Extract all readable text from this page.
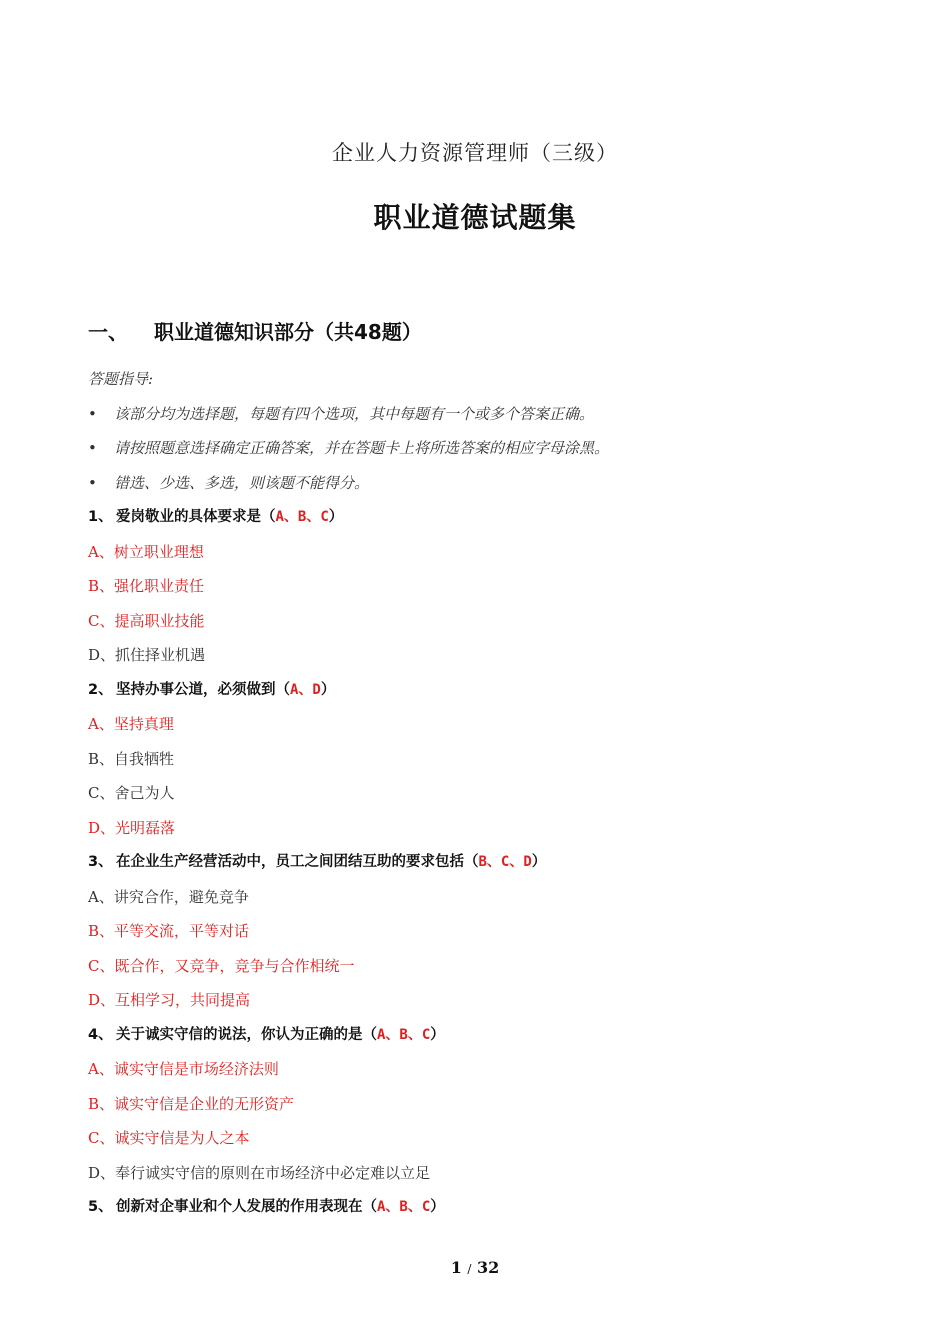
企业人力资源管理师（三级）
职业道德试题集
一、 职业道德知识部分（共48题）
答题指导:
• 该部分均为选择题，每题有四个选项，其中每题有一个或多个答案正确。
• 请按照题意选择确定正确答案，并在答题卡上将所选答案的相应字母涂黑。
• 错选、少选、多选，则该题不能得分。
1、 爱岗敬业的具体要求是（A、B、C）
A、树立职业理想
B、强化职业责任
C、提高职业技能
D、抓住择业机遇
2、 坚持办事公道，必须做到（A、D）
A、坚持真理
B、自我牺牲
C、舍己为人
D、光明磊落
3、 在企业生产经营活动中，员工之间团结互助的要求包括（B、C、D）
A、讲究合作，避免竞争
B、平等交流，平等对话
C、既合作，又竞争，竞争与合作相统一
D、互相学习，共同提高
4、 关于诚实守信的说法，你认为正确的是（A、B、C）
A、诚实守信是市场经济法则
B、诚实守信是企业的无形资产
C、诚实守信是为人之本
D、奉行诚实守信的原则在市场经济中必定难以立足
5、 创新对企事业和个人发展的作用表现在（A、B、C）
1 / 32
